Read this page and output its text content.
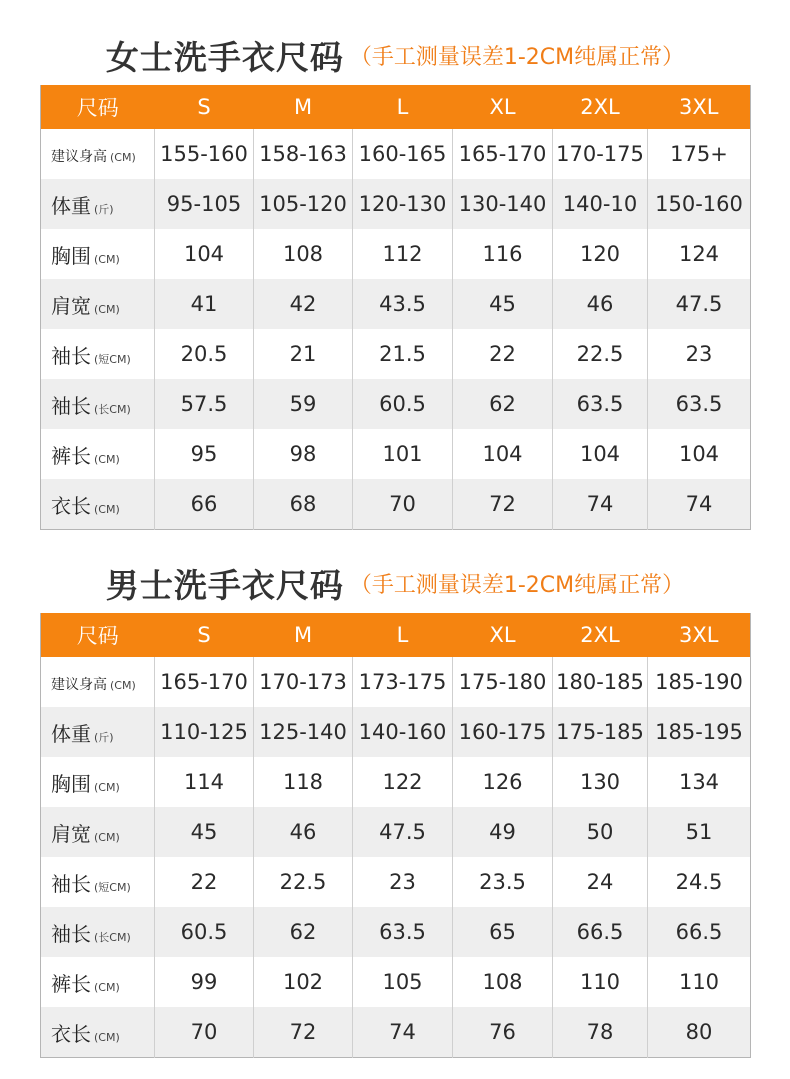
女士洗手衣尺码 （手工测量误差1-2CM纯属正常）
尺码	S	M	L	XL	2XL	3XL
建议身高 (CM)	155-160	158-163	160-165	165-170	170-175	175+
体重 (斤)	95-105	105-120	120-130	130-140	140-10	150-160
胸围 (CM)	104	108	112	116	120	124
肩宽 (CM)	41	42	43.5	45	46	47.5
袖长 (短CM)	20.5	21	21.5	22	22.5	23
袖长 (长CM)	57.5	59	60.5	62	63.5	63.5
裤长 (CM)	95	98	101	104	104	104
衣长 (CM)	66	68	70	72	74	74
男士洗手衣尺码 （手工测量误差1-2CM纯属正常）
尺码	S	M	L	XL	2XL	3XL
建议身高 (CM)	165-170	170-173	173-175	175-180	180-185	185-190
体重 (斤)	110-125	125-140	140-160	160-175	175-185	185-195
胸围 (CM)	114	118	122	126	130	134
肩宽 (CM)	45	46	47.5	49	50	51
袖长 (短CM)	22	22.5	23	23.5	24	24.5
袖长 (长CM)	60.5	62	63.5	65	66.5	66.5
裤长 (CM)	99	102	105	108	110	110
衣长 (CM)	70	72	74	76	78	80
